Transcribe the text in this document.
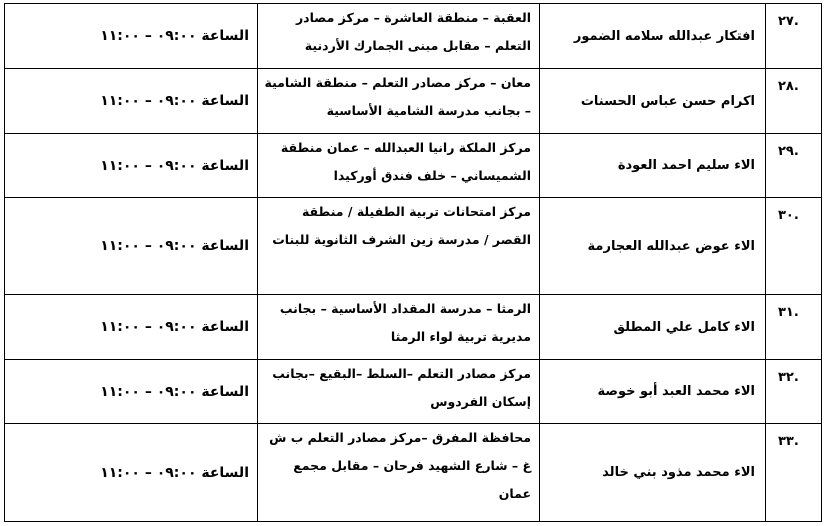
٢٧.	افتكار عبدالله سلامه الضمور	العقبة – منطقة العاشرة – مركز مصادر التعلم – مقابل مبنى الجمارك الأردنية	الساعة ٠٩:٠٠ – ١١:٠٠
٢٨.	اكرام حسن عباس الحسنات	معان – مركز مصادر التعلم – منطقة الشامية – بجانب مدرسة الشامية الأساسية	الساعة ٠٩:٠٠ – ١١:٠٠
٢٩.	الاء سليم احمد العودة	مركز الملكة رانيا العبدالله – عمان منطقة الشميساني – خلف فندق أوركيدا	الساعة ٠٩:٠٠ – ١١:٠٠
٣٠.	الاء عوض عبدالله العجارمة	مركز امتحانات تربية الطفيلة / منطقة القصر / مدرسة زين الشرف الثانوية للبنات	الساعة ٠٩:٠٠ – ١١:٠٠
٣١.	الاء كامل علي المطلق	الرمثا – مدرسة المقداد الأساسية – بجانب مديرية تربية لواء الرمثا	الساعة ٠٩:٠٠ – ١١:٠٠
٣٢.	الاء محمد العبد أبو خوصة	مركز مصادر التعلم –السلط –البقيع –بجانب إسكان الفردوس	الساعة ٠٩:٠٠ – ١١:٠٠
٣٣.	الاء محمد مذود بني خالد	محافظة المفرق –مركز مصادر التعلم ب ش غ – شارع الشهيد فرحان – مقابل مجمع عمان	الساعة ٠٩:٠٠ – ١١:٠٠
